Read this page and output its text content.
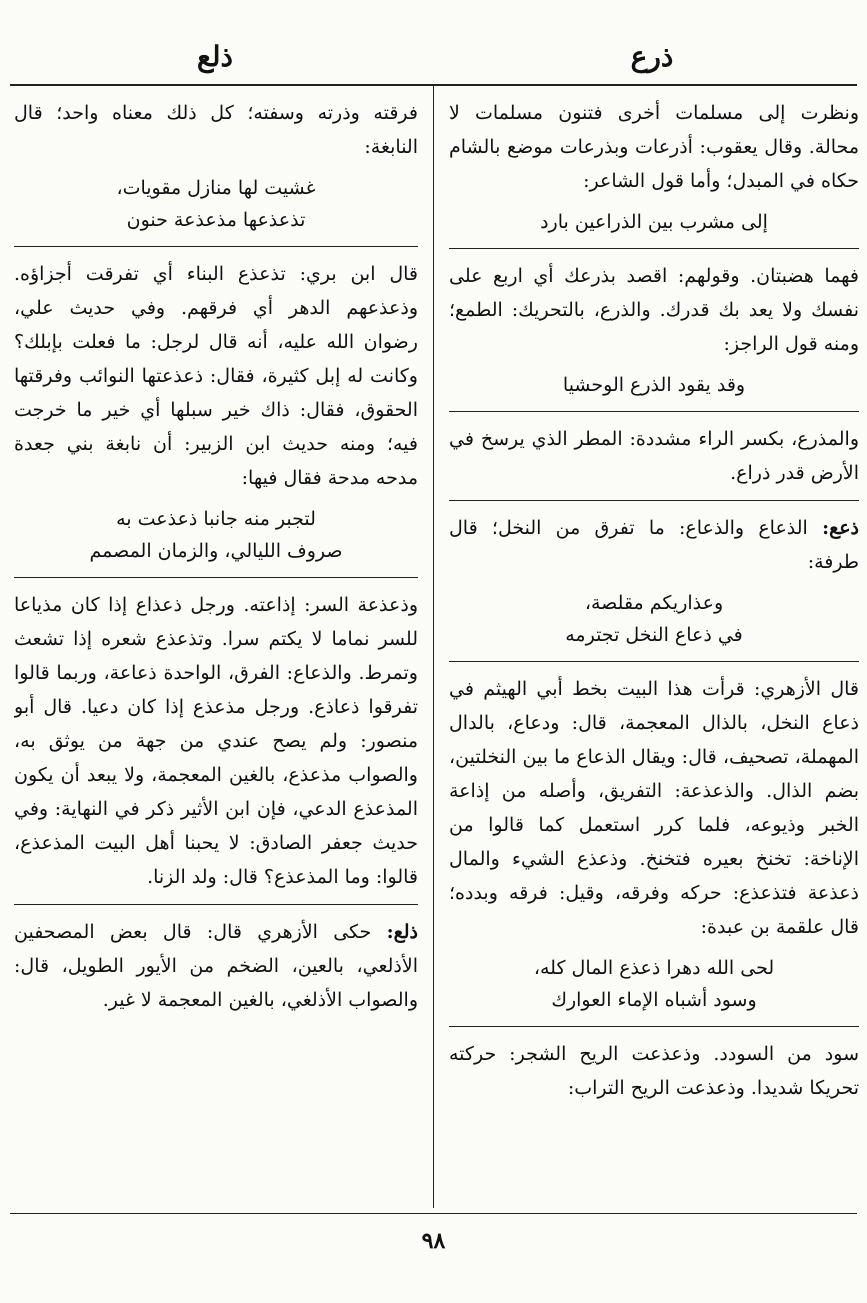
ذرع
ذلع

ونظرت إلى مسلمات أخرى فتنون مسلمات لا محالة. وقال يعقوب: أذرعات وبذرعات موضع بالشام حكاه في المبدل؛ وأما قول الشاعر:

إلى مشرب بين الذراعين بارد

فهما هضبتان. وقولهم: اقصد بذرعك أي اربع على نفسك ولا يعد بك قدرك. والذرع، بالتحريك: الطمع؛ ومنه قول الراجز:

وقد يقود الذرع الوحشيا

والمذرع، بكسر الراء مشددة: المطر الذي يرسخ في الأرض قدر ذراع.

ذعع: الذعاع والذعاع: ما تفرق من النخل؛ قال طرفة:

وعذاريكم مقلصة،
في ذعاع النخل تجترمه

قال الأزهري: قرأت هذا البيت بخط أبي الهيثم في ذعاع النخل، بالذال المعجمة، قال: ودعاع، بالدال المهملة، تصحيف، قال: ويقال الذعاع ما بين النخلتين، بضم الذال. والذعذعة: التفريق، وأصله من إذاعة الخبر وذيوعه، فلما كرر استعمل كما قالوا من الإناخة: تخنخ بعيره فتخنخ. وذعذع الشيء والمال ذعذعة فتذعذع: حركه وفرقه، وقيل: فرقه وبدده؛ قال علقمة بن عبدة:

لحى الله دهرا ذعذع المال كله،
وسود أشباه الإماء العوارك

سود من السودد. وذعذعت الريح الشجر: حركته تحريكا شديدا. وذعذعت الريح التراب:

فرقته وذرته وسفته؛ كل ذلك معناه واحد؛ قال النابغة:

غشيت لها منازل مقويات،
تذعذعها مذعذعة حنون

قال ابن بري: تذعذع البناء أي تفرقت أجزاؤه. وذعذعهم الدهر أي فرقهم. وفي حديث علي، رضوان الله عليه، أنه قال لرجل: ما فعلت بإبلك؟ وكانت له إبل كثيرة، فقال: ذعذعتها النوائب وفرقتها الحقوق، فقال: ذاك خير سبلها أي خير ما خرجت فيه؛ ومنه حديث ابن الزبير: أن نابغة بني جعدة مدحه مدحة فقال فيها:

لتجبر منه جانبا ذعذعت به
صروف الليالي، والزمان المصمم

وذعذعة السر: إذاعته. ورجل ذعذاع إذا كان مذياعا للسر نماما لا يكتم سرا. وتذعذع شعره إذا تشعث وتمرط. والذعاع: الفرق، الواحدة ذعاعة، وربما قالوا تفرقوا ذعاذع. ورجل مذعذع إذا كان دعيا. قال أبو منصور: ولم يصح عندي من جهة من يوثق به، والصواب مذعذع، بالغين المعجمة، ولا يبعد أن يكون المذعذع الدعي، فإن ابن الأثير ذكر في النهاية: وفي حديث جعفر الصادق: لا يحبنا أهل البيت المذعذع، قالوا: وما المذعذع؟ قال: ولد الزنا.

ذلع: حكى الأزهري قال: قال بعض المصحفين الأذلعي، بالعين، الضخم من الأيور الطويل، قال: والصواب الأذلغي، بالغين المعجمة لا غير.

٩٨
